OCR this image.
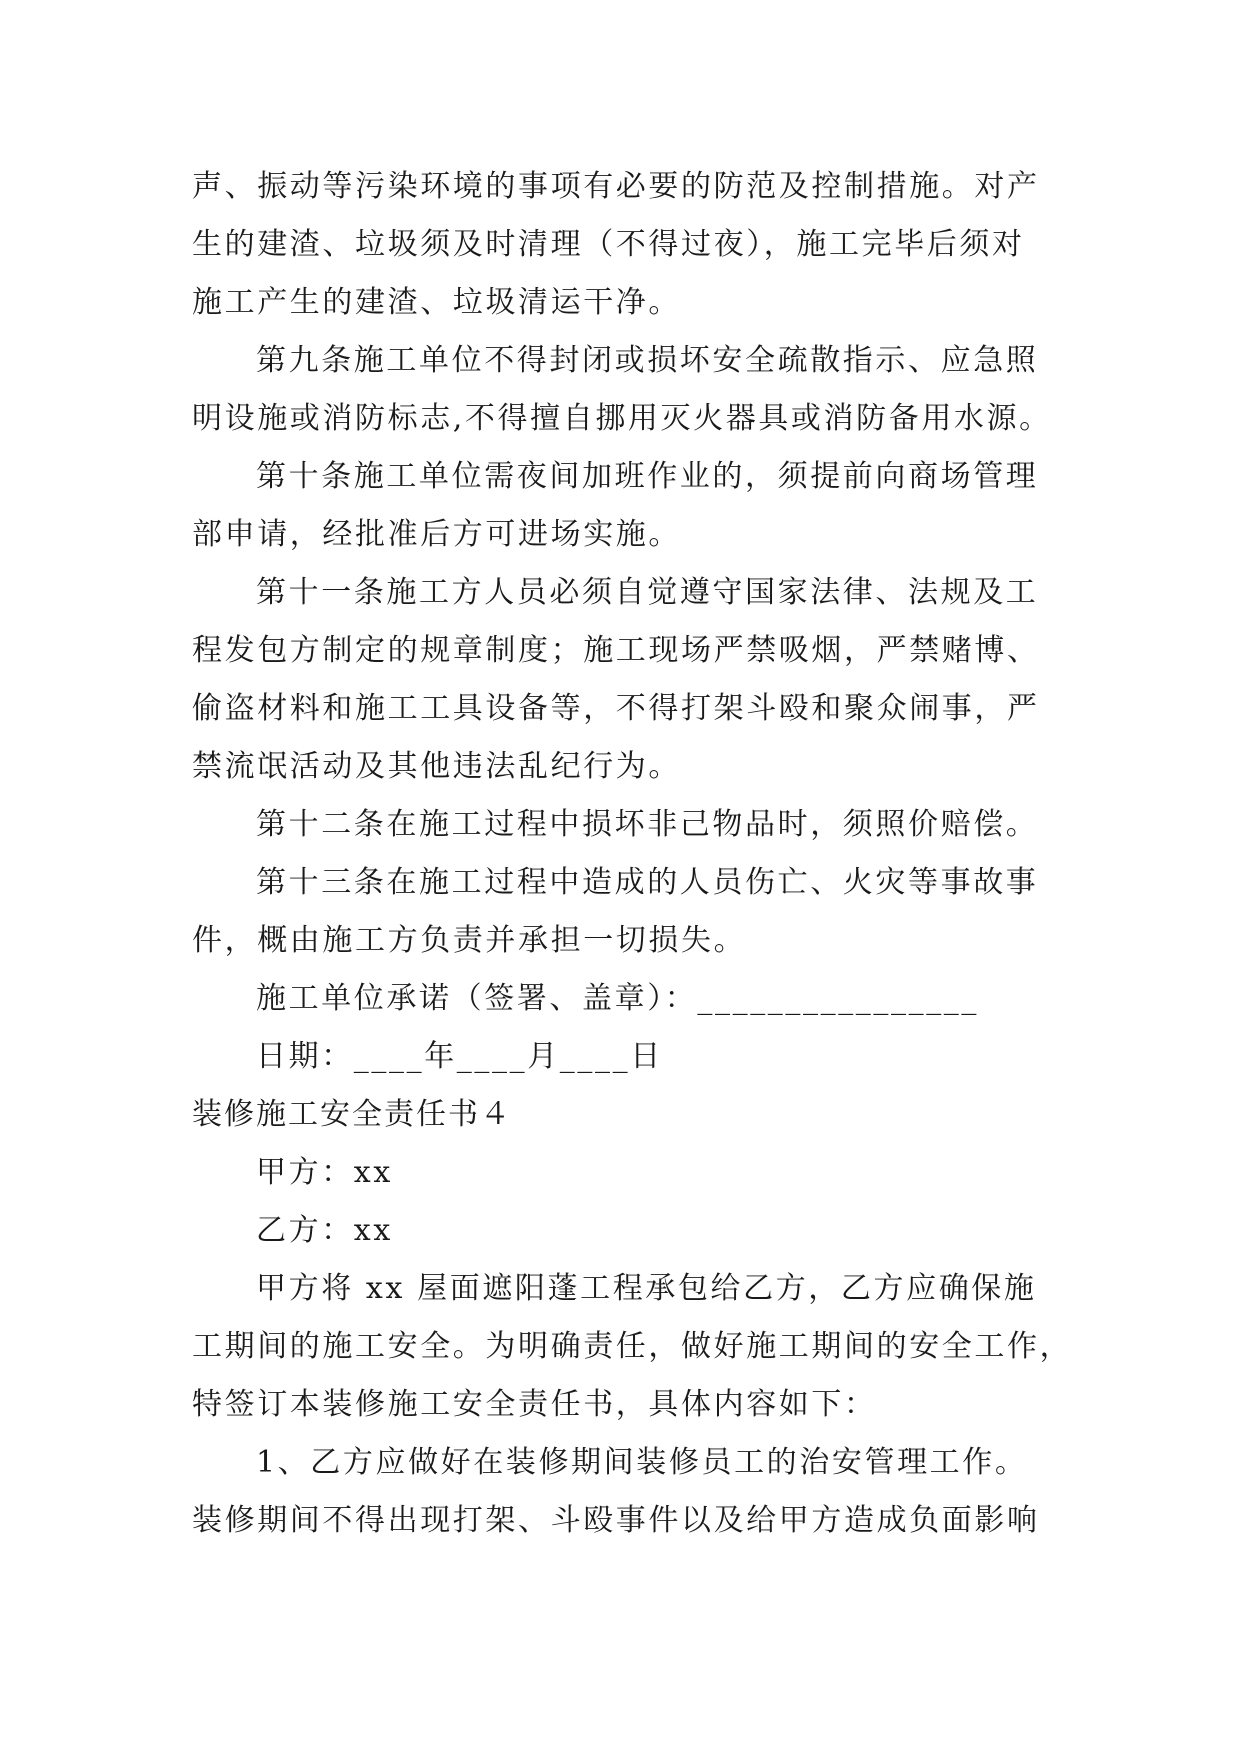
声、振动等污染环境的事项有必要的防范及控制措施。对产
生的建渣、垃圾须及时清理（不得过夜），施工完毕后须对
施工产生的建渣、垃圾清运干净。
第九条施工单位不得封闭或损坏安全疏散指示、应急照
明设施或消防标志,不得擅自挪用灭火器具或消防备用水源。
第十条施工单位需夜间加班作业的，须提前向商场管理
部申请，经批准后方可进场实施。
第十一条施工方人员必须自觉遵守国家法律、法规及工
程发包方制定的规章制度；施工现场严禁吸烟，严禁赌博、
偷盗材料和施工工具设备等，不得打架斗殴和聚众闹事，严
禁流氓活动及其他违法乱纪行为。
第十二条在施工过程中损坏非己物品时，须照价赔偿。
第十三条在施工过程中造成的人员伤亡、火灾等事故事
件，概由施工方负责并承担一切损失。
施工单位承诺（签署、盖章）：________________
日期：____年____月____日
装修施工安全责任书４
甲方：xx
乙方：xx
甲方将 xx 屋面遮阳蓬工程承包给乙方，乙方应确保施
工期间的施工安全。为明确责任，做好施工期间的安全工作，
特签订本装修施工安全责任书，具体内容如下：
1、乙方应做好在装修期间装修员工的治安管理工作。
装修期间不得出现打架、斗殴事件以及给甲方造成负面影响
